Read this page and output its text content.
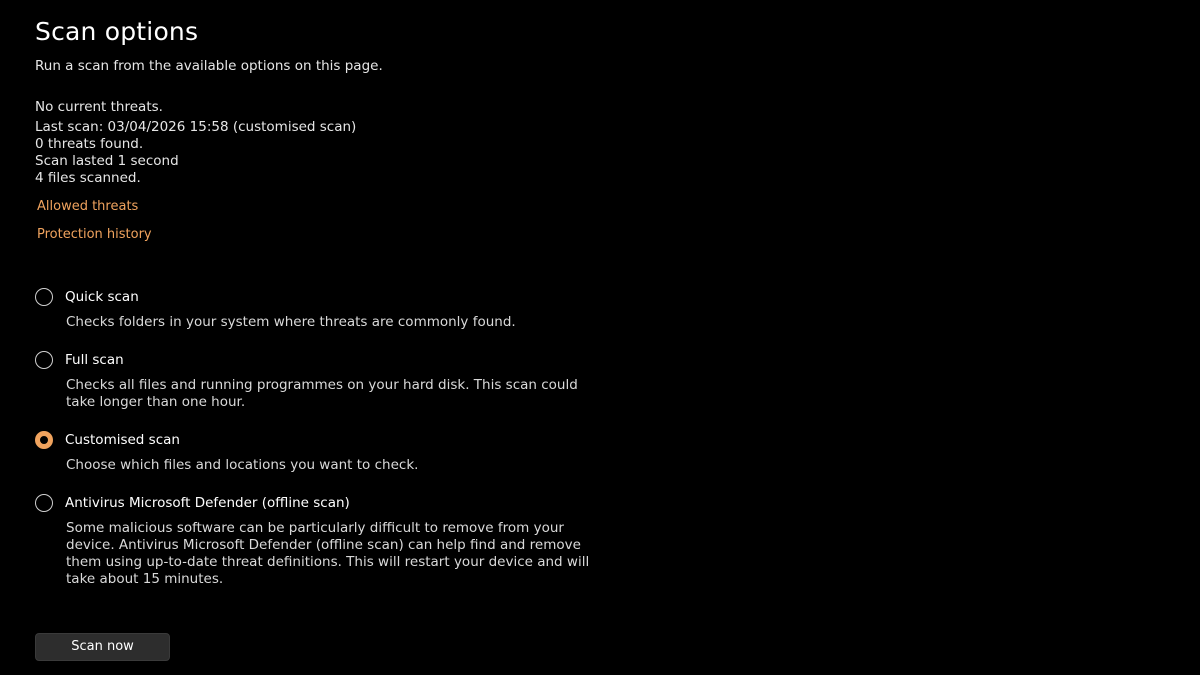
Scan options
Run a scan from the available options on this page.
No current threats.
Last scan: 03/04/2026 15:58 (customised scan)
0 threats found.
Scan lasted 1 second
4 files scanned.
Allowed threats
Protection history
Quick scan
Checks folders in your system where threats are commonly found.
Full scan
Checks all files and running programmes on your hard disk. This scan could take longer than one hour.
Customised scan
Choose which files and locations you want to check.
Antivirus Microsoft Defender (offline scan)
Some malicious software can be particularly difficult to remove from your device. Antivirus Microsoft Defender (offline scan) can help find and remove them using up-to-date threat definitions. This will restart your device and will take about 15 minutes.
Scan now
